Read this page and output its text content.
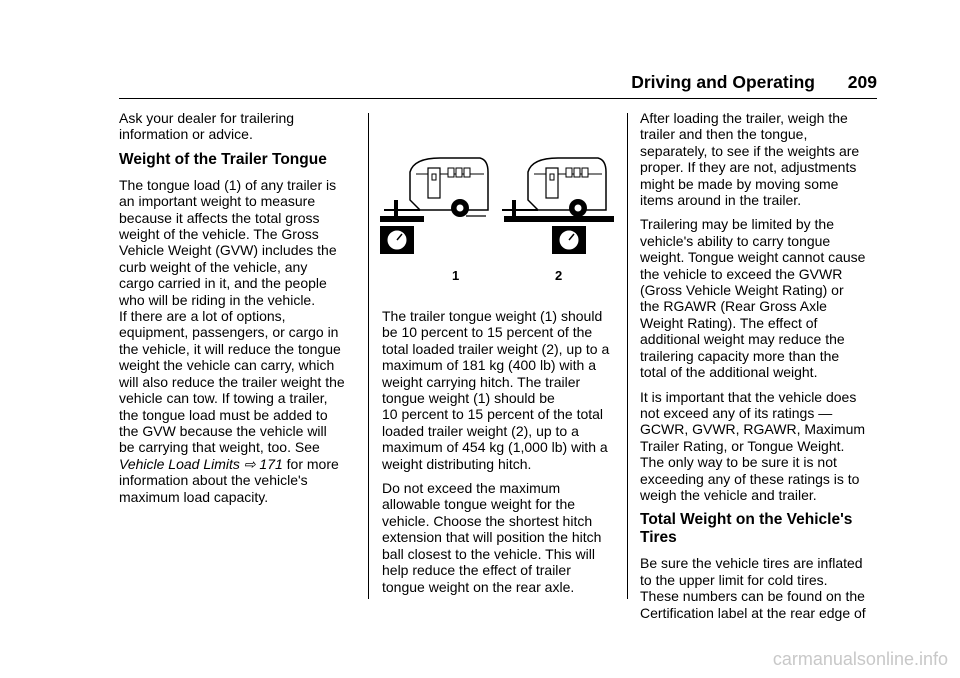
Driving and Operating 209

Ask your dealer for trailering
information or advice.

Weight of the Trailer Tongue

The tongue load (1) of any trailer is
an important weight to measure
because it affects the total gross
weight of the vehicle. The Gross
Vehicle Weight (GVW) includes the
curb weight of the vehicle, any
cargo carried in it, and the people
who will be riding in the vehicle.
If there are a lot of options,
equipment, passengers, or cargo in
the vehicle, it will reduce the tongue
weight the vehicle can carry, which
will also reduce the trailer weight the
vehicle can tow. If towing a trailer,
the tongue load must be added to
the GVW because the vehicle will
be carrying that weight, too. See
Vehicle Load Limits ⇨ 171 for more
information about the vehicle's
maximum load capacity.

1	2

The trailer tongue weight (1) should
be 10 percent to 15 percent of the
total loaded trailer weight (2), up to a
maximum of 181 kg (400 lb) with a
weight carrying hitch. The trailer
tongue weight (1) should be
10 percent to 15 percent of the total
loaded trailer weight (2), up to a
maximum of 454 kg (1,000 lb) with a
weight distributing hitch.

Do not exceed the maximum
allowable tongue weight for the
vehicle. Choose the shortest hitch
extension that will position the hitch
ball closest to the vehicle. This will
help reduce the effect of trailer
tongue weight on the rear axle.

After loading the trailer, weigh the
trailer and then the tongue,
separately, to see if the weights are
proper. If they are not, adjustments
might be made by moving some
items around in the trailer.

Trailering may be limited by the
vehicle's ability to carry tongue
weight. Tongue weight cannot cause
the vehicle to exceed the GVWR
(Gross Vehicle Weight Rating) or
the RGAWR (Rear Gross Axle
Weight Rating). The effect of
additional weight may reduce the
trailering capacity more than the
total of the additional weight.

It is important that the vehicle does
not exceed any of its ratings —
GCWR, GVWR, RGAWR, Maximum
Trailer Rating, or Tongue Weight.
The only way to be sure it is not
exceeding any of these ratings is to
weigh the vehicle and trailer.

Total Weight on the Vehicle's
Tires

Be sure the vehicle tires are inflated
to the upper limit for cold tires.
These numbers can be found on the
Certification label at the rear edge of

carmanualsonline.info
